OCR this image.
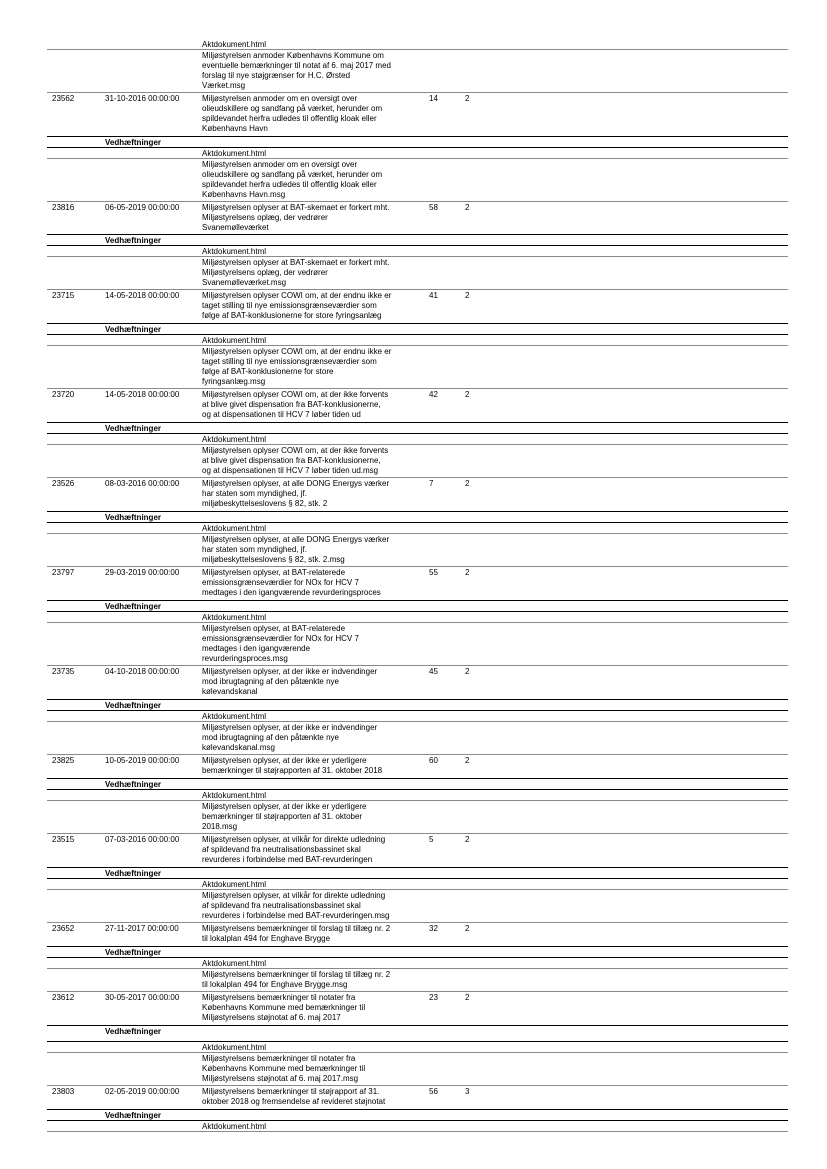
Aktdokument.html
Miljøstyrelsen anmoder Københavns Kommune om
eventuelle bemærkninger til notat af 6. maj 2017 med
forslag til nye støjgrænser for H.C. Ørsted
Værket.msg
23562	31-10-2016 00:00:00	Miljøstyrelsen anmoder om en oversigt over
olieudskillere og sandfang på værket, herunder om
spildevandet herfra udledes til offentlig kloak eller
Københavns Havn
14	2
Vedhæftninger
Aktdokument.html
Miljøstyrelsen anmoder om en oversigt over
olieudskillere og sandfang på værket, herunder om
spildevandet herfra udledes til offentlig kloak eller
Københavns Havn.msg
23816	06-05-2019 00:00:00	Miljøstyrelsen oplyser at BAT-skemaet er forkert mht.
Miljøstyrelsens oplæg, der vedrører
Svanemølleværket
58	2
Vedhæftninger
Aktdokument.html
Miljøstyrelsen oplyser at BAT-skemaet er forkert mht.
Miljøstyrelsens oplæg, der vedrører
Svanemølleværket.msg
23715	14-05-2018 00:00:00	Miljøstyrelsen oplyser COWI om, at der endnu ikke er
taget stilling til nye emissionsgrænseværdier som
følge af BAT-konklusionerne for store fyringsanlæg
41	2
Vedhæftninger
Aktdokument.html
Miljøstyrelsen oplyser COWI om, at der endnu ikke er
taget stilling til nye emissionsgrænseværdier som
følge af BAT-konklusionerne for store
fyringsanlæg.msg
23720	14-05-2018 00:00:00	Miljøstyrelsen oplyser COWI om, at der ikke forvents
at blive givet dispensation fra BAT-konklusionerne,
og at dispensationen til HCV 7 løber tiden ud
42	2
Vedhæftninger
Aktdokument.html
Miljøstyrelsen oplyser COWI om, at der ikke forvents
at blive givet dispensation fra BAT-konklusionerne,
og at dispensationen til HCV 7 løber tiden ud.msg
23526	08-03-2016 00:00:00	Miljøstyrelsen oplyser, at alle DONG Energys værker
har staten som myndighed, jf.
miljøbeskyttelseslovens § 82, stk. 2
7	2
Vedhæftninger
Aktdokument.html
Miljøstyrelsen oplyser, at alle DONG Energys værker
har staten som myndighed, jf.
miljøbeskyttelseslovens § 82, stk. 2.msg
23797	29-03-2019 00:00:00	Miljøstyrelsen oplyser, at BAT-relaterede
emissionsgrænseværdier for NOx for HCV 7
medtages i den igangværende revurderingsproces
55	2
Vedhæftninger
Aktdokument.html
Miljøstyrelsen oplyser, at BAT-relaterede
emissionsgrænseværdier for NOx for HCV 7
medtages i den igangværende
revurderingsproces.msg
23735	04-10-2018 00:00:00	Miljøstyrelsen oplyser, at der ikke er indvendinger
mod ibrugtagning af den påtænkte nye
kølevandskanal
45	2
Vedhæftninger
Aktdokument.html
Miljøstyrelsen oplyser, at der ikke er indvendinger
mod ibrugtagning af den påtænkte nye
kølevandskanal.msg
23825	10-05-2019 00:00:00	Miljøstyrelsen oplyser, at der ikke er yderligere
bemærkninger til støjrapporten af 31. oktober 2018
60	2
Vedhæftninger
Aktdokument.html
Miljøstyrelsen oplyser, at der ikke er yderligere
bemærkninger til støjrapporten af 31. oktober
2018.msg
23515	07-03-2016 00:00:00	Miljøstyrelsen oplyser, at vilkår for direkte udledning
af spildevand fra neutralisationsbassinet skal
revurderes i forbindelse med BAT-revurderingen
5	2
Vedhæftninger
Aktdokument.html
Miljøstyrelsen oplyser, at vilkår for direkte udledning
af spildevand fra neutralisationsbassinet skal
revurderes i forbindelse med BAT-revurderingen.msg
23652	27-11-2017 00:00:00	Miljøstyrelsens bemærkninger til forslag til tillæg nr. 2
til lokalplan 494 for Enghave Brygge
32	2
Vedhæftninger
Aktdokument.html
Miljøstyrelsens bemærkninger til forslag til tillæg nr. 2
til lokalplan 494 for Enghave Brygge.msg
23612	30-05-2017 00:00:00	Miljøstyrelsens bemærkninger til notater fra
Københavns Kommune med bemærkninger til
Miljøstyrelsens støjnotat af 6. maj 2017
23	2
Vedhæftninger
Aktdokument.html
Miljøstyrelsens bemærkninger til notater fra
Københavns Kommune med bemærkninger til
Miljøstyrelsens støjnotat af 6. maj 2017.msg
23803	02-05-2019 00:00:00	Miljøstyrelsens bemærkninger til støjrapport af 31.
oktober 2018 og fremsendelse af revideret støjnotat
56	3
Vedhæftninger
Aktdokument.html
